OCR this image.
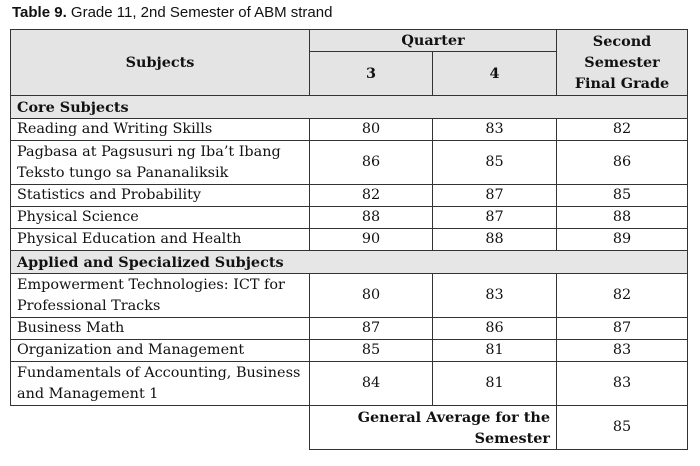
Table 9. Grade 11, 2nd Semester of ABM strand
Subjects	Quarter		Second Semester Final Grade
	3	4	
Core Subjects			
Reading and Writing Skills	80	83	82
Pagbasa at Pagsusuri ng Iba’t Ibang Teksto tungo sa Pananaliksik	86	85	86
Statistics and Probability	82	87	85
Physical Science	88	87	88
Physical Education and Health	90	88	89
Applied and Specialized Subjects			
Empowerment Technologies: ICT for Professional Tracks	80	83	82
Business Math	87	86	87
Organization and Management	85	81	83
Fundamentals of Accounting, Business and Management 1	84	81	83
	General Average for the Semester		85
